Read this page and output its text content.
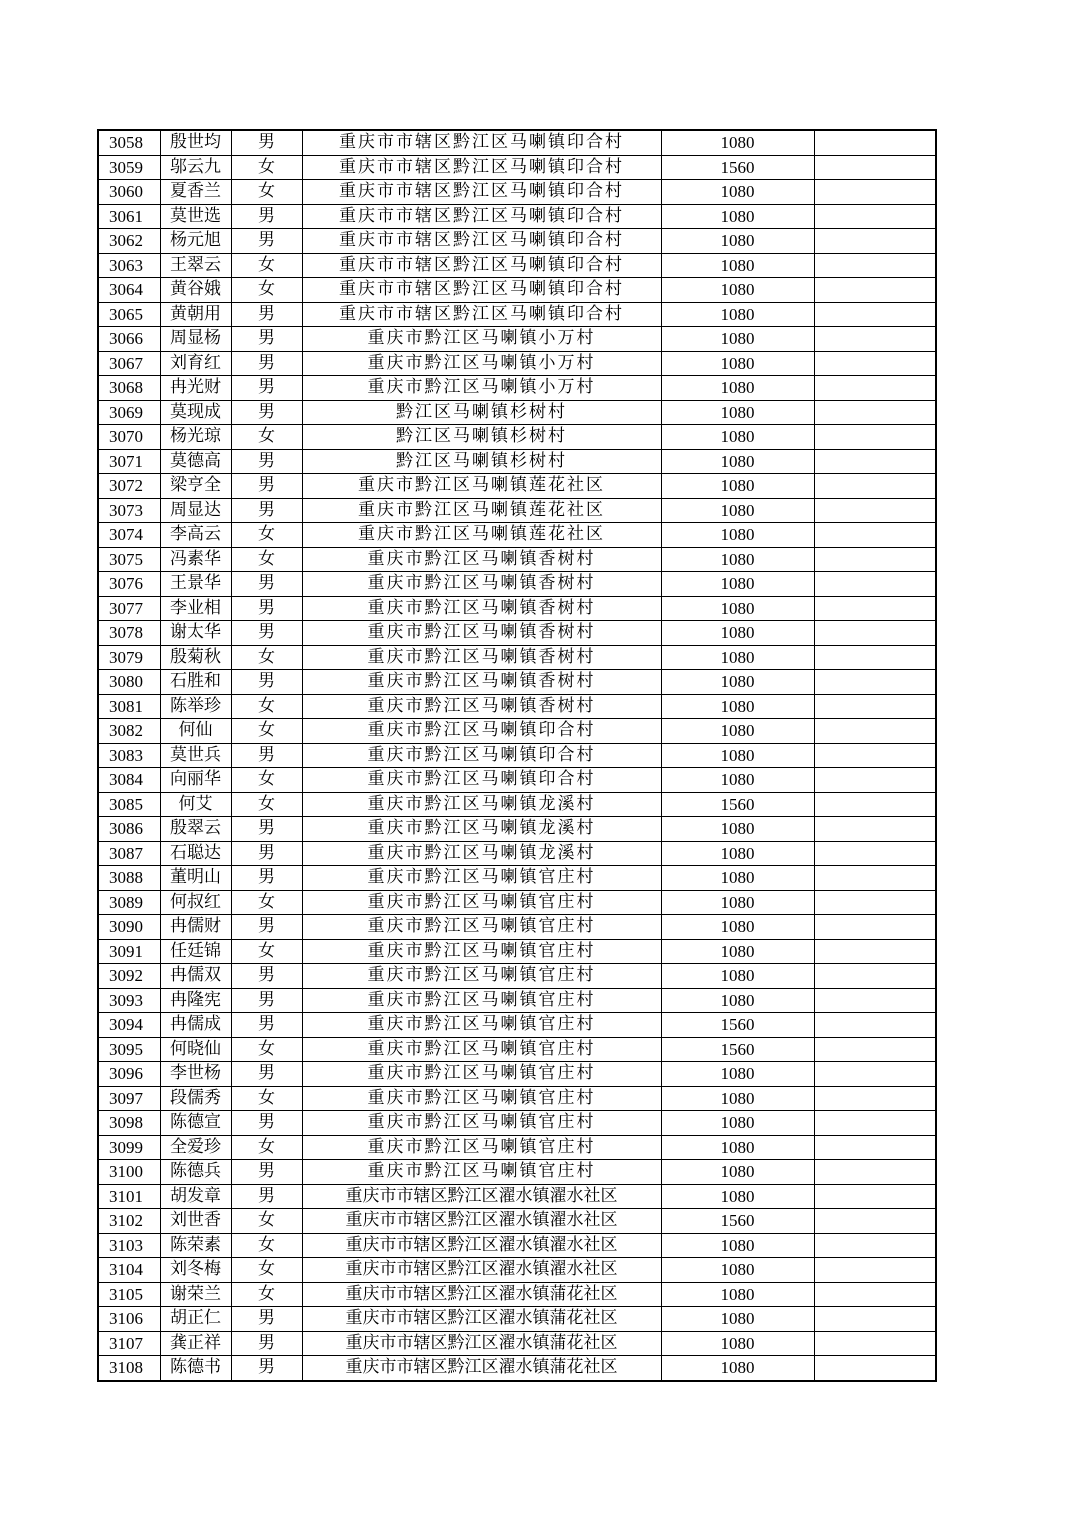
3058	殷世均	男	重庆市市辖区黔江区马喇镇印合村	1080	
3059	邬云九	女	重庆市市辖区黔江区马喇镇印合村	1560	
3060	夏香兰	女	重庆市市辖区黔江区马喇镇印合村	1080	
3061	莫世选	男	重庆市市辖区黔江区马喇镇印合村	1080	
3062	杨元旭	男	重庆市市辖区黔江区马喇镇印合村	1080	
3063	王翠云	女	重庆市市辖区黔江区马喇镇印合村	1080	
3064	黄谷娥	女	重庆市市辖区黔江区马喇镇印合村	1080	
3065	黄朝用	男	重庆市市辖区黔江区马喇镇印合村	1080	
3066	周显杨	男	重庆市黔江区马喇镇小万村	1080	
3067	刘育红	男	重庆市黔江区马喇镇小万村	1080	
3068	冉光财	男	重庆市黔江区马喇镇小万村	1080	
3069	莫现成	男	黔江区马喇镇杉树村	1080	
3070	杨光琼	女	黔江区马喇镇杉树村	1080	
3071	莫德高	男	黔江区马喇镇杉树村	1080	
3072	梁亨全	男	重庆市黔江区马喇镇莲花社区	1080	
3073	周显达	男	重庆市黔江区马喇镇莲花社区	1080	
3074	李高云	女	重庆市黔江区马喇镇莲花社区	1080	
3075	冯素华	女	重庆市黔江区马喇镇香树村	1080	
3076	王景华	男	重庆市黔江区马喇镇香树村	1080	
3077	李业相	男	重庆市黔江区马喇镇香树村	1080	
3078	谢太华	男	重庆市黔江区马喇镇香树村	1080	
3079	殷菊秋	女	重庆市黔江区马喇镇香树村	1080	
3080	石胜和	男	重庆市黔江区马喇镇香树村	1080	
3081	陈举珍	女	重庆市黔江区马喇镇香树村	1080	
3082	何仙	女	重庆市黔江区马喇镇印合村	1080	
3083	莫世兵	男	重庆市黔江区马喇镇印合村	1080	
3084	向丽华	女	重庆市黔江区马喇镇印合村	1080	
3085	何艾	女	重庆市黔江区马喇镇龙溪村	1560	
3086	殷翠云	男	重庆市黔江区马喇镇龙溪村	1080	
3087	石聪达	男	重庆市黔江区马喇镇龙溪村	1080	
3088	董明山	男	重庆市黔江区马喇镇官庄村	1080	
3089	何叔红	女	重庆市黔江区马喇镇官庄村	1080	
3090	冉儒财	男	重庆市黔江区马喇镇官庄村	1080	
3091	任廷锦	女	重庆市黔江区马喇镇官庄村	1080	
3092	冉儒双	男	重庆市黔江区马喇镇官庄村	1080	
3093	冉隆宪	男	重庆市黔江区马喇镇官庄村	1080	
3094	冉儒成	男	重庆市黔江区马喇镇官庄村	1560	
3095	何晓仙	女	重庆市黔江区马喇镇官庄村	1560	
3096	李世杨	男	重庆市黔江区马喇镇官庄村	1080	
3097	段儒秀	女	重庆市黔江区马喇镇官庄村	1080	
3098	陈德宣	男	重庆市黔江区马喇镇官庄村	1080	
3099	全爱珍	女	重庆市黔江区马喇镇官庄村	1080	
3100	陈德兵	男	重庆市黔江区马喇镇官庄村	1080	
3101	胡发章	男	重庆市市辖区黔江区濯水镇濯水社区	1080	
3102	刘世香	女	重庆市市辖区黔江区濯水镇濯水社区	1560	
3103	陈荣素	女	重庆市市辖区黔江区濯水镇濯水社区	1080	
3104	刘冬梅	女	重庆市市辖区黔江区濯水镇濯水社区	1080	
3105	谢荣兰	女	重庆市市辖区黔江区濯水镇蒲花社区	1080	
3106	胡正仁	男	重庆市市辖区黔江区濯水镇蒲花社区	1080	
3107	龚正祥	男	重庆市市辖区黔江区濯水镇蒲花社区	1080	
3108	陈德书	男	重庆市市辖区黔江区濯水镇蒲花社区	1080	
